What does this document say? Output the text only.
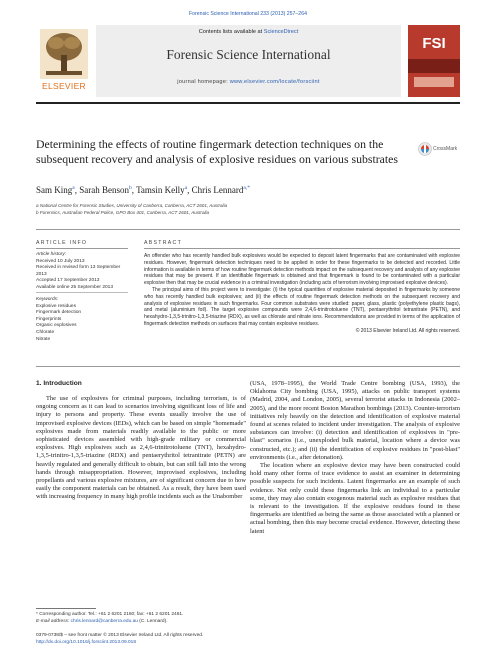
Forensic Science International 233 (2013) 257–264
ELSEVIER
Contents lists available at ScienceDirect
Forensic Science International
journal homepage: www.elsevier.com/locate/forsciint
FSI
Determining the effects of routine fingermark detection techniques on the subsequent recovery and analysis of explosive residues on various substrates
CrossMark
Sam King$^a$, Sarah Benson$^b$, Tamsin Kelly$^a$, Chris Lennard$^{a,*}$
a National Centre for Forensic Studies, University of Canberra, Canberra, ACT 2601, Australia
b Forensics, Australian Federal Police, GPO Box 401, Canberra, ACT 2601, Australia
ARTICLE INFO	ABSTRACT
Article history:
Received 10 July 2013
Received in revised form 13 September 2013
Accepted 17 September 2013
Available online 25 September 2013
Keywords:
Explosive residues
Fingermark detection
Fingerprints
Organic explosives
Chlorate
Nitrate

An offender who has recently handled bulk explosives would be expected to deposit latent fingermarks that are contaminated with explosive residues. However, fingermark detection techniques need to be applied in order for these fingermarks to be detected and recorded. Little information is available in terms of how routine fingermark detection methods impact on the subsequent recovery and analysis of any explosive residues that may be present. If an identifiable fingermark is obtained and that fingermark is found to be contaminated with a particular explosive then that may be crucial evidence in a criminal investigation (including acts of terrorism involving improvised explosive devices).

The principal aims of this project were to investigate: (i) the typical quantities of explosive material deposited in fingermarks by someone who has recently handled bulk explosives; and (ii) the effects of routine fingermark detection methods on the subsequent recovery and analysis of explosive residues in such fingermarks. Four common substrates were studied: paper, glass, plastic (polyethylene plastic bags), and metal (aluminium foil). The target explosive compounds were 2,4,6-trinitrotoluene (TNT), pentaerythritol tetranitrate (PETN), and hexahydro-1,3,5-trinitro-1,3,5-triazine (RDX), as well as chlorate and nitrate ions. Recommendations are provided in terms of the application of fingermark detection methods on surfaces that may contain explosive residues.

© 2013 Elsevier Ireland Ltd. All rights reserved.

1. Introduction
The use of explosives for criminal purposes, including terrorism, is of ongoing concern as it can lead to scenarios involving significant loss of life and injury to persons and property. These events usually involve the use of improvised explosive devices (IEDs), which can be based on simple "homemade" explosives made from materials readily available to the public or more sophisticated devices assembled with high-grade military or commercial explosives. High explosives such as 2,4,6-trinitrotoluene (TNT), hexahydro-1,3,5-trinitro-1,3,5-triazine (RDX) and pentaerythritol tetranitrate (PETN) are heavily regulated and generally difficult to obtain, but can still fall into the wrong hands through misappropriation. However, improvised explosives, including propellants and various explosive mixtures, are of significant concern due to how easily the component materials can be obtained. As a result, they have been used with increasing frequency in many high profile incidents such as the Unabomber

(USA, 1978–1995), the World Trade Centre bombing (USA, 1993), the Oklahoma City bombing (USA, 1995), attacks on public transport systems (Madrid, 2004, and London, 2005), several terrorist attacks in Indonesia (2002–2005), and the more recent Boston Marathon bombings (2013). Counter-terrorism initiatives rely heavily on the detection and identification of explosive material found at scenes related to incident under investigation. The analysis of explosive substances can involve: (i) detection and identification of explosives in "pre-blast" scenarios (i.e., unexploded bulk material, location where a device was constructed, etc.); and (ii) the identification of explosive residues in "post-blast" environments (i.e., after detonation).

The location where an explosive device may have been constructed could hold many other forms of trace evidence to assist an examiner in determining possible suspects for such incidents. Latent fingermarks are an example of such evidence. Not only could these fingermarks link an individual to a particular scene, they may also contain exogenous material such as explosive residues that is relevant to the investigation. If the explosive residues found in these fingermarks are identified as being the same as those associated with a planned or actual bombing, then this may become crucial evidence. However, detecting these latent

* Corresponding author. Tel.: +61 2 6201 2160; fax: +61 2 6201 2461.
E-mail address: chris.lennard@canberra.edu.au (C. Lennard).
0379-0738/$ – see front matter © 2013 Elsevier Ireland Ltd. All rights reserved.
http://dx.doi.org/10.1016/j.forsciint.2013.09.018
